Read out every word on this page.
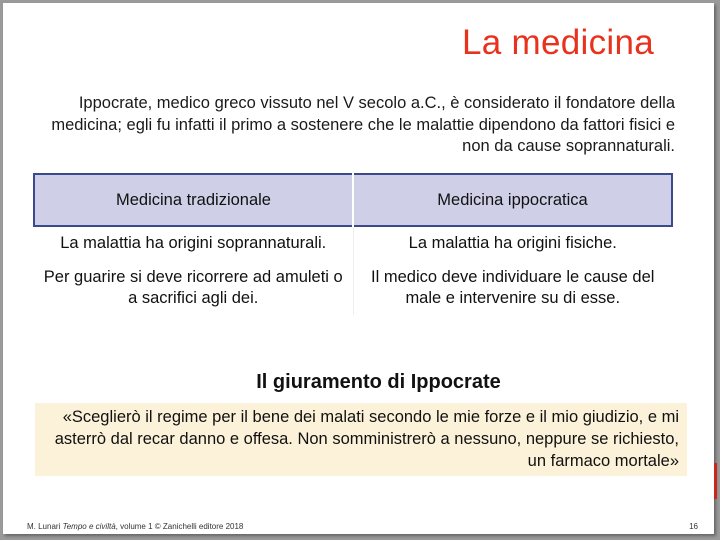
La medicina

Ippocrate, medico greco vissuto nel V secolo a.C., è considerato il fondatore della medicina; egli fu infatti il primo a sostenere che le malattie dipendono da fattori fisici e non da cause soprannaturali.

Medicina tradizionale	Medicina ippocratica
La malattia ha origini soprannaturali.	La malattia ha origini fisiche.
Per guarire si deve ricorrere ad amuleti o a sacrifici agli dei.	Il medico deve individuare le cause del male e intervenire su di esse.
Il giuramento di Ippocrate

«Sceglierò il regime per il bene dei malati secondo le mie forze e il mio giudizio, e mi asterrò dal recar danno e offesa. Non somministrerò a nessuno, neppure se richiesto, un farmaco mortale»

M. Lunari Tempo e civiltà, volume 1 © Zanichelli editore 2018	16
